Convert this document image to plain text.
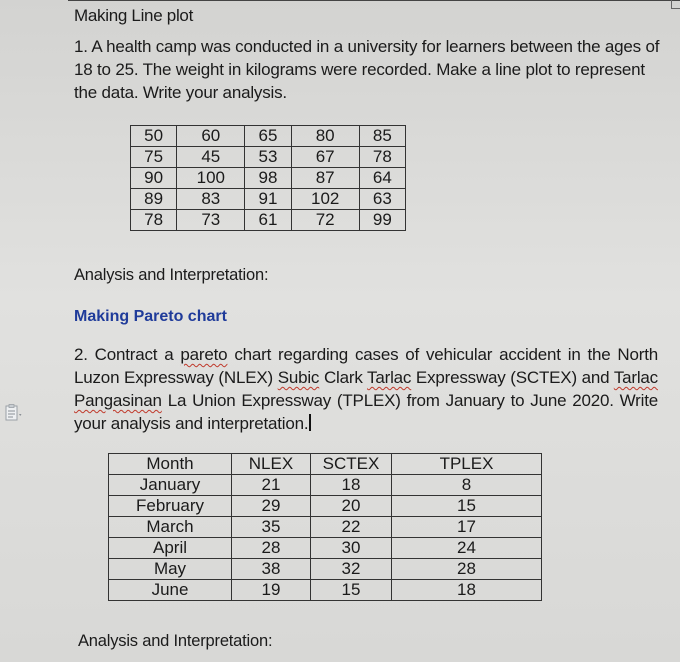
Making Line plot
1. A health camp was conducted in a university for learners between the ages of 18 to 25. The weight in kilograms were recorded. Make a line plot to represent the data. Write your analysis.
50	60	65	80	85
75	45	53	67	78
90	100	98	87	64
89	83	91	102	63
78	73	61	72	99
Analysis and Interpretation:
Making Pareto chart
2. Contract a pareto chart regarding cases of vehicular accident in the North Luzon Expressway (NLEX) Subic Clark Tarlac Expressway (SCTEX) and Tarlac Pangasinan La Union Expressway (TPLEX) from January to June 2020. Write your analysis and interpretation.
Month	NLEX	SCTEX	TPLEX
January	21	18	8
February	29	20	15
March	35	22	17
April	28	30	24
May	38	32	28
June	19	15	18
Analysis and Interpretation:
